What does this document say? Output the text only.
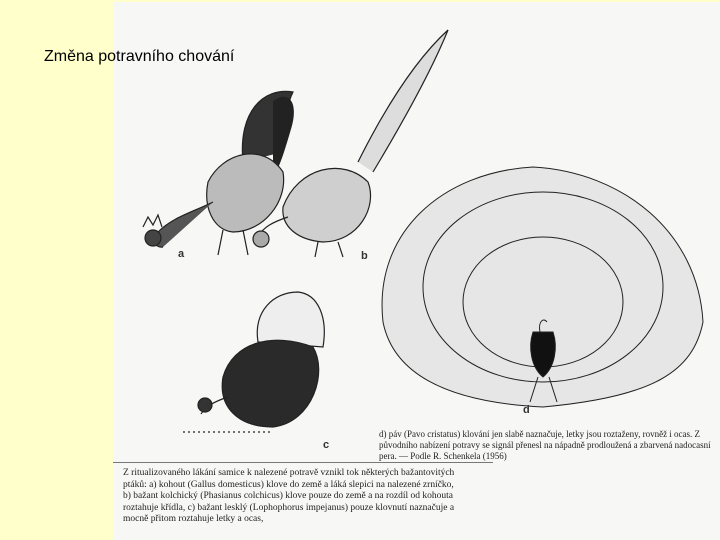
Změna potravního chování
a	b
c
d
d) páv (Pavo cristatus) klování jen slabě naznačuje, letky jsou roztaženy, rovněž i ocas. Z původního nabízení potravy se signál přenesl na nápadně prodloužená a zbarvená nadocasní pera. — Podle R. Schenkela (1956)
Z ritualizovaného lákání samice k nalezené potravě vznikl tok některých bažantovitých ptáků: a) kohout (Gallus domesticus) klove do země a láká slepici na nalezené zrníčko, b) bažant kolchický (Phasianus colchicus) klove pouze do země a na rozdíl od kohouta roztahuje křídla, c) bažant lesklý (Lophophorus impejanus) pouze klovnutí naznačuje a mocně přitom roztahuje letky a ocas,
